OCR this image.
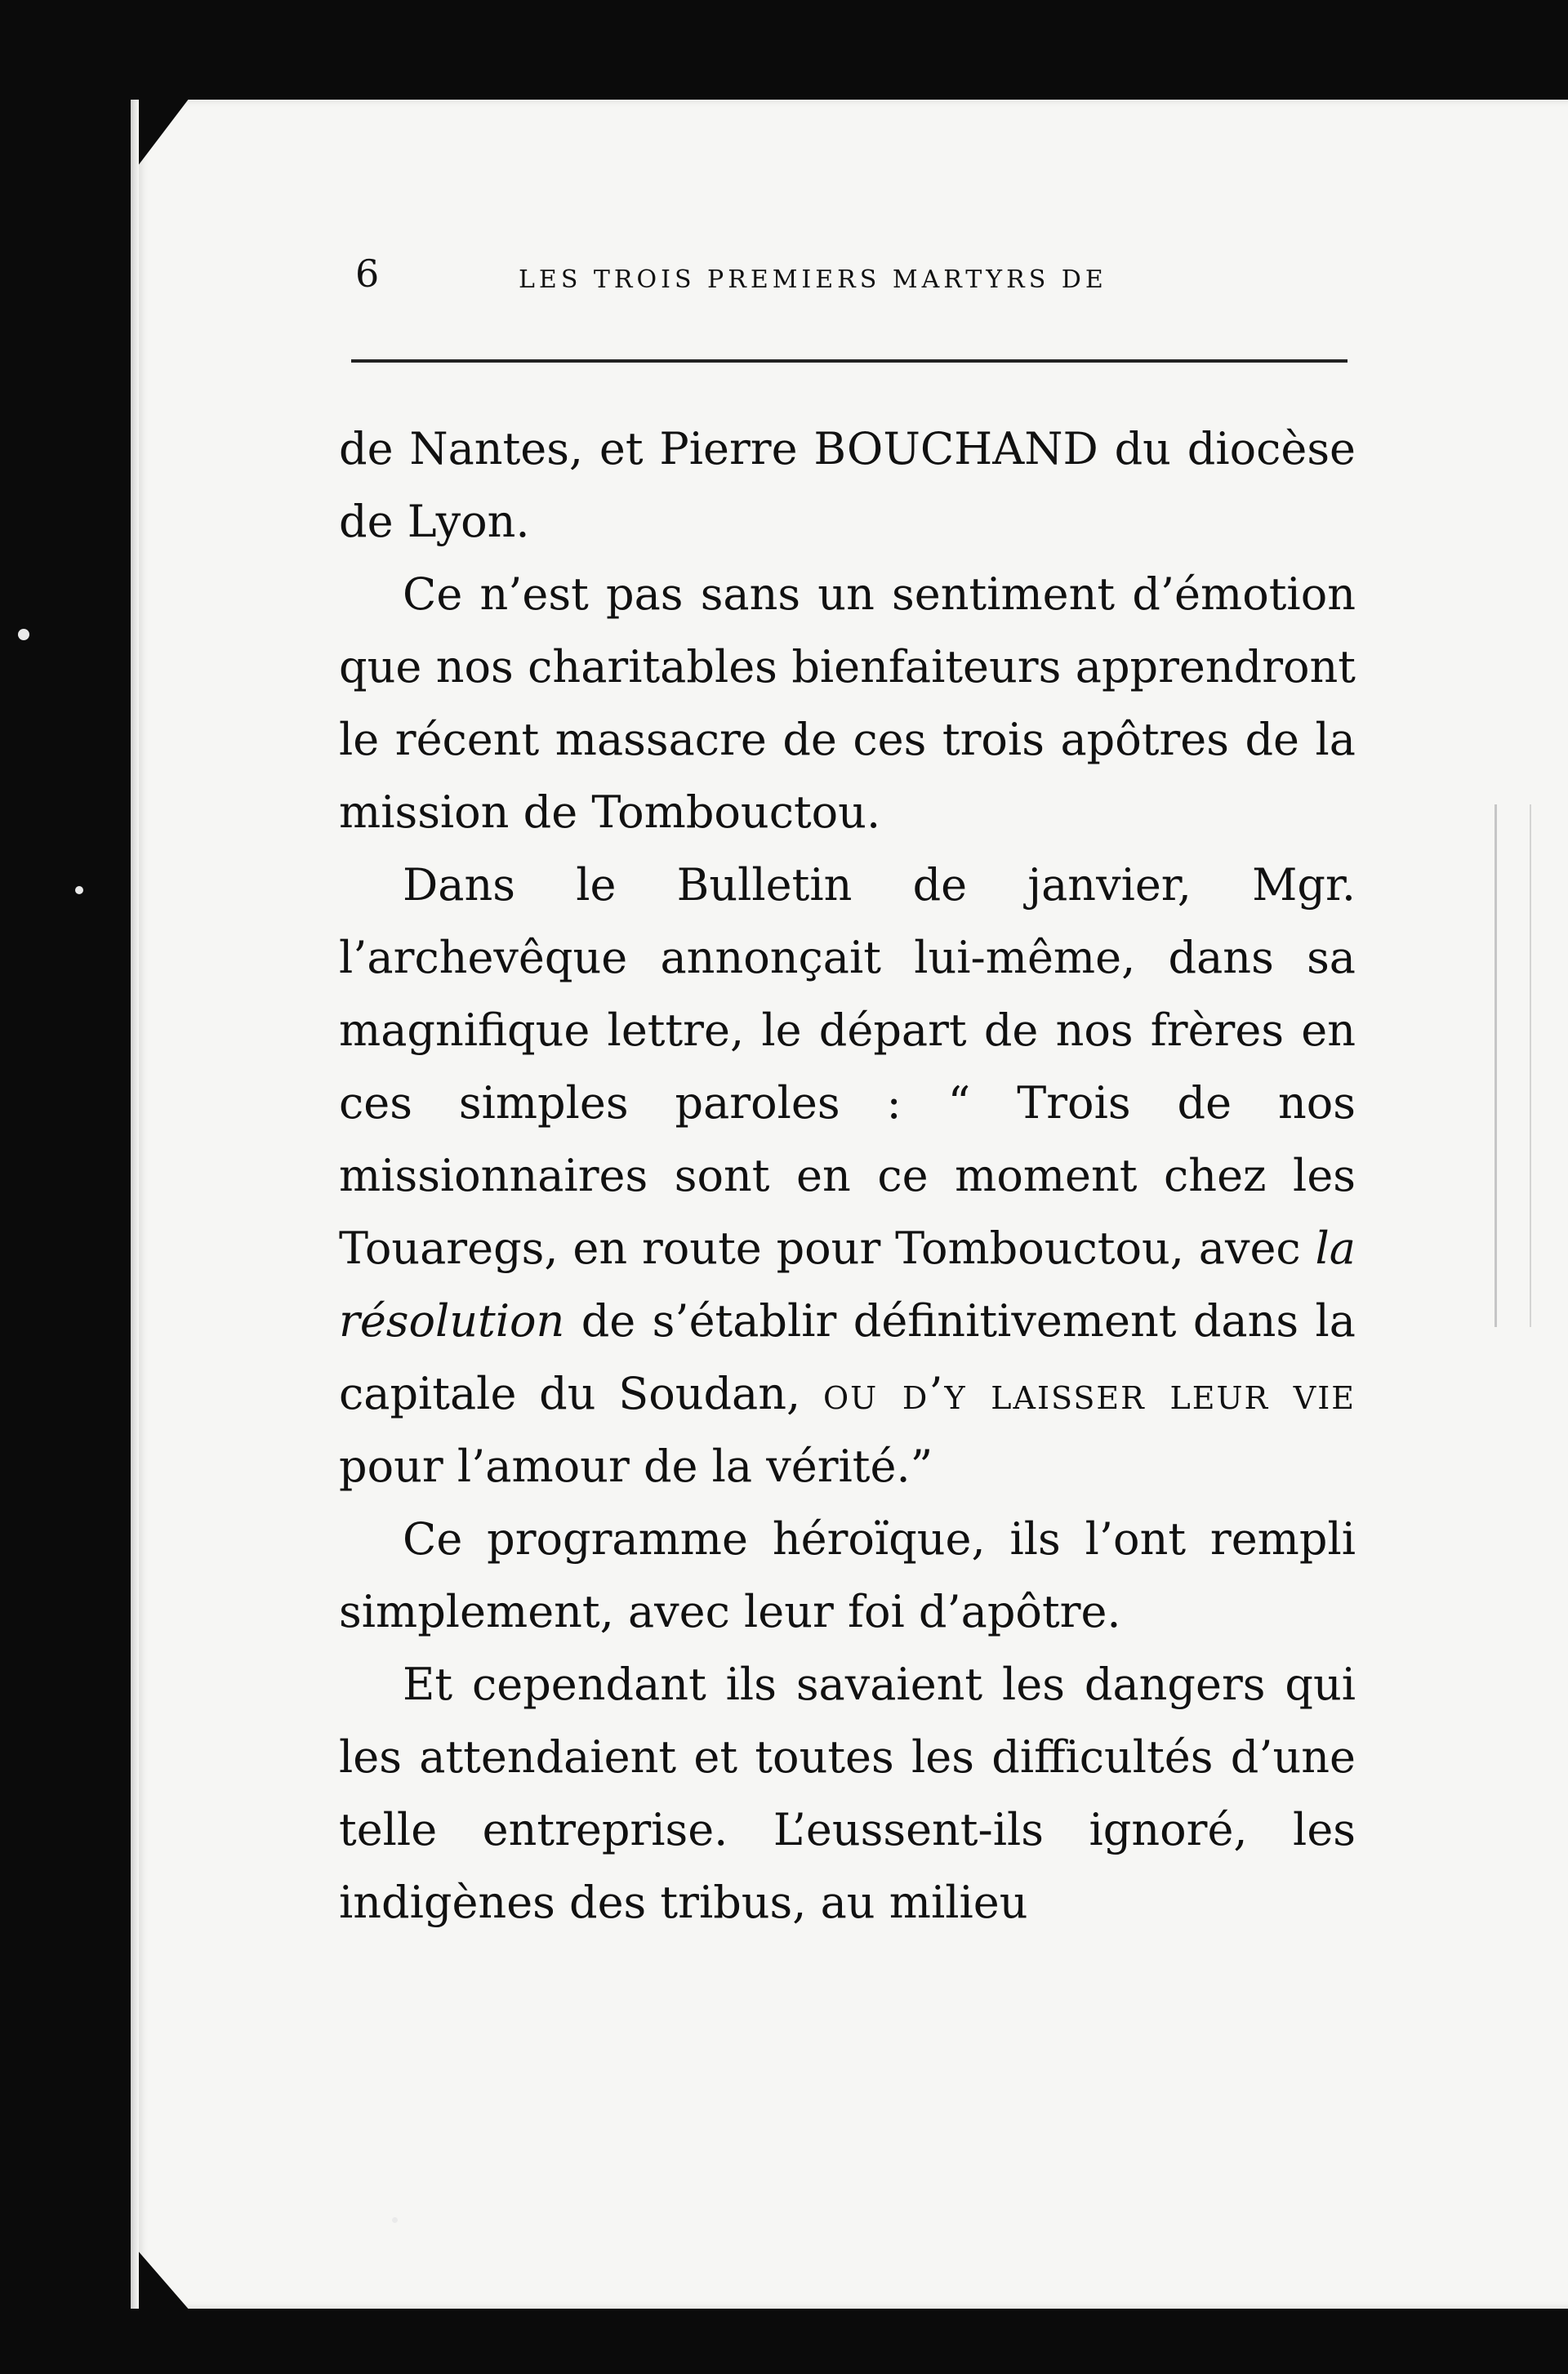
6	LES TROIS PREMIERS MARTYRS DE

de Nantes, et Pierre BOUCHAND du diocèse de Lyon.

Ce n’est pas sans un sentiment d’émotion que nos charitables bienfaiteurs apprendront le récent massacre de ces trois apôtres de la mission de Tombouctou.

Dans le Bulletin de janvier, Mgr. l’archevêque annonçait lui-même, dans sa magnifique lettre, le départ de nos frères en ces simples paroles : “ Trois de nos missionnaires sont en ce moment chez les Touaregs, en route pour Tombouctou, avec la résolution de s’établir définitivement dans la capitale du Soudan, ou d’y laisser leur vie pour l’amour de la vérité.”

Ce programme héroïque, ils l’ont rempli simplement, avec leur foi d’apôtre.

Et cependant ils savaient les dangers qui les attendaient et toutes les difficultés d’une telle entreprise. L’eussent-ils ignoré, les indigènes des tribus, au milieu
